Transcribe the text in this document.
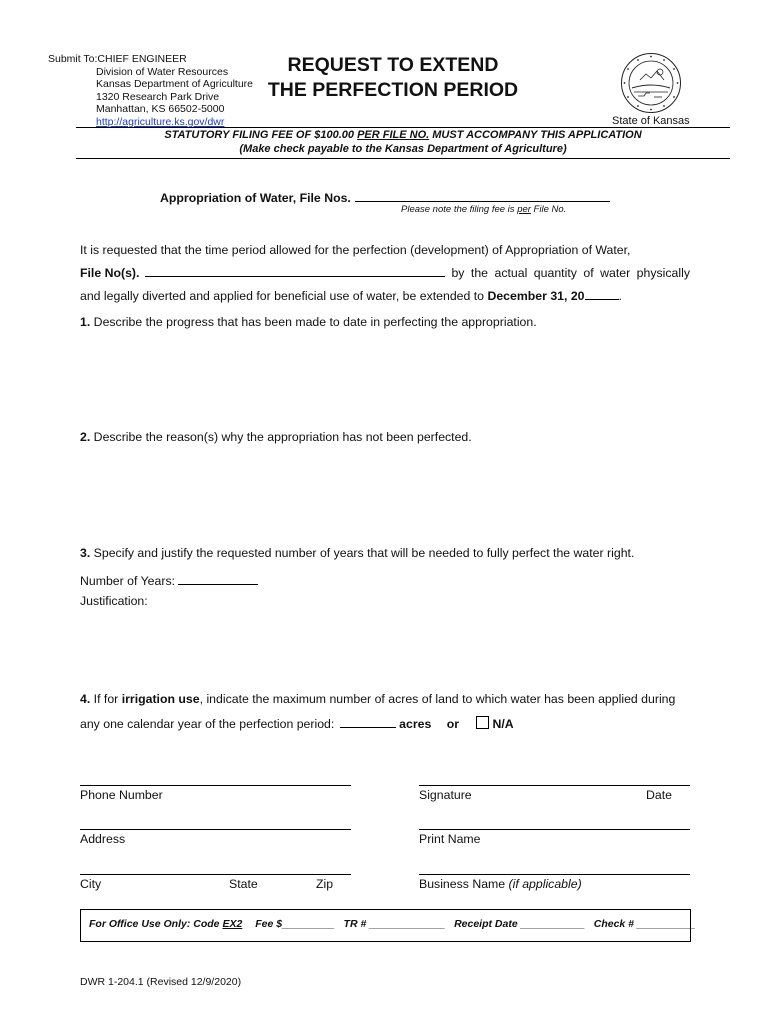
Submit To:CHIEF ENGINEER
Division of Water Resources
Kansas Department of Agriculture
1320 Research Park Drive
Manhattan, KS 66502-5000
http://agriculture.ks.gov/dwr
REQUEST TO EXTEND
THE PERFECTION PERIOD
State of Kansas
STATUTORY FILING FEE OF $100.00 PER FILE NO. MUST ACCOMPANY THIS APPLICATION
(Make check payable to the Kansas Department of Agriculture)
Appropriation of Water, File Nos.
Please note the filing fee is per File No.
It is requested that the time period allowed for the perfection (development) of Appropriation of Water,
File No(s).	by the actual quantity of water physically
and legally diverted and applied for beneficial use of water, be extended to December 31, 20	.
1. Describe the progress that has been made to date in perfecting the appropriation.
2. Describe the reason(s) why the appropriation has not been perfected.
3. Specify and justify the requested number of years that will be needed to fully perfect the water right.
Number of Years:
Justification:
4. If for irrigation use, indicate the maximum number of acres of land to which water has been applied during
any one calendar year of the perfection period:	acres or	N/A
Phone Number	Signature	Date
Address	Print Name
City	State	Zip	Business Name (if applicable)
For Office Use Only: Code EX2 Fee $_________ TR # _____________ Receipt Date ___________ Check # __________
DWR 1-204.1 (Revised 12/9/2020)
